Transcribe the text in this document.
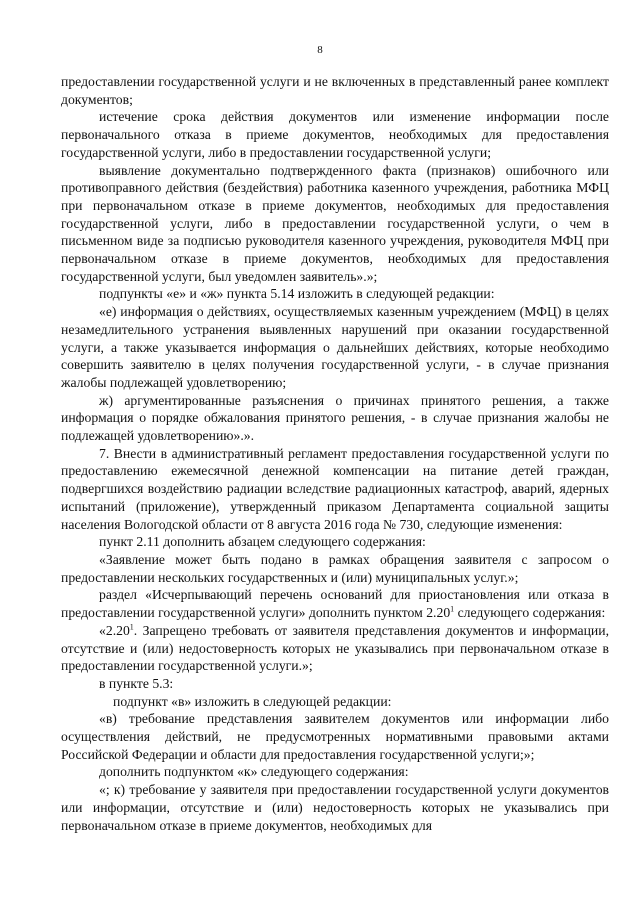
8

предоставлении государственной услуги и не включенных в представленный ранее комплект документов;

истечение срока действия документов или изменение информации после первоначального отказа в приеме документов, необходимых для предоставления государственной услуги, либо в предоставлении государственной услуги;

выявление документально подтвержденного факта (признаков) ошибочного или противоправного действия (бездействия) работника казенного учреждения, работника МФЦ при первоначальном отказе в приеме документов, необходимых для предоставления государственной услуги, либо в предоставлении государственной услуги, о чем в письменном виде за подписью руководителя казенного учреждения, руководителя МФЦ при первоначальном отказе в приеме документов, необходимых для предоставления государственной услуги, был уведомлен заявитель».»;

подпункты «е» и «ж» пункта 5.14 изложить в следующей редакции:

«е) информация о действиях, осуществляемых казенным учреждением (МФЦ) в целях незамедлительного устранения выявленных нарушений при оказании государственной услуги, а также указывается информация о дальнейших действиях, которые необходимо совершить заявителю в целях получения государственной услуги, - в случае признания жалобы подлежащей удовлетворению;

ж) аргументированные разъяснения о причинах принятого решения, а также информация о порядке обжалования принятого решения, - в случае признания жалобы не подлежащей удовлетворению».».

7. Внести в административный регламент предоставления государственной услуги по предоставлению ежемесячной денежной компенсации на питание детей граждан, подвергшихся воздействию радиации вследствие радиационных катастроф, аварий, ядерных испытаний (приложение), утвержденный приказом Департамента социальной защиты населения Вологодской области от 8 августа 2016 года № 730, следующие изменения:

пункт 2.11 дополнить абзацем следующего содержания:

«Заявление может быть подано в рамках обращения заявителя с запросом о предоставлении нескольких государственных и (или) муниципальных услуг.»;

раздел «Исчерпывающий перечень оснований для приостановления или отказа в предоставлении государственной услуги» дополнить пунктом 2.20$^1$ следующего содержания:

«2.20$^1$. Запрещено требовать от заявителя представления документов и информации, отсутствие и (или) недостоверность которых не указывались при первоначальном отказе в предоставлении государственной услуги.»;

в пункте 5.3:

подпункт «в» изложить в следующей редакции:

«в) требование представления заявителем документов или информации либо осуществления действий, не предусмотренных нормативными правовыми актами Российской Федерации и области для предоставления государственной услуги;»;

дополнить подпунктом «к» следующего содержания:

«; к) требование у заявителя при предоставлении государственной услуги документов или информации, отсутствие и (или) недостоверность которых не указывались при первоначальном отказе в приеме документов, необходимых для
